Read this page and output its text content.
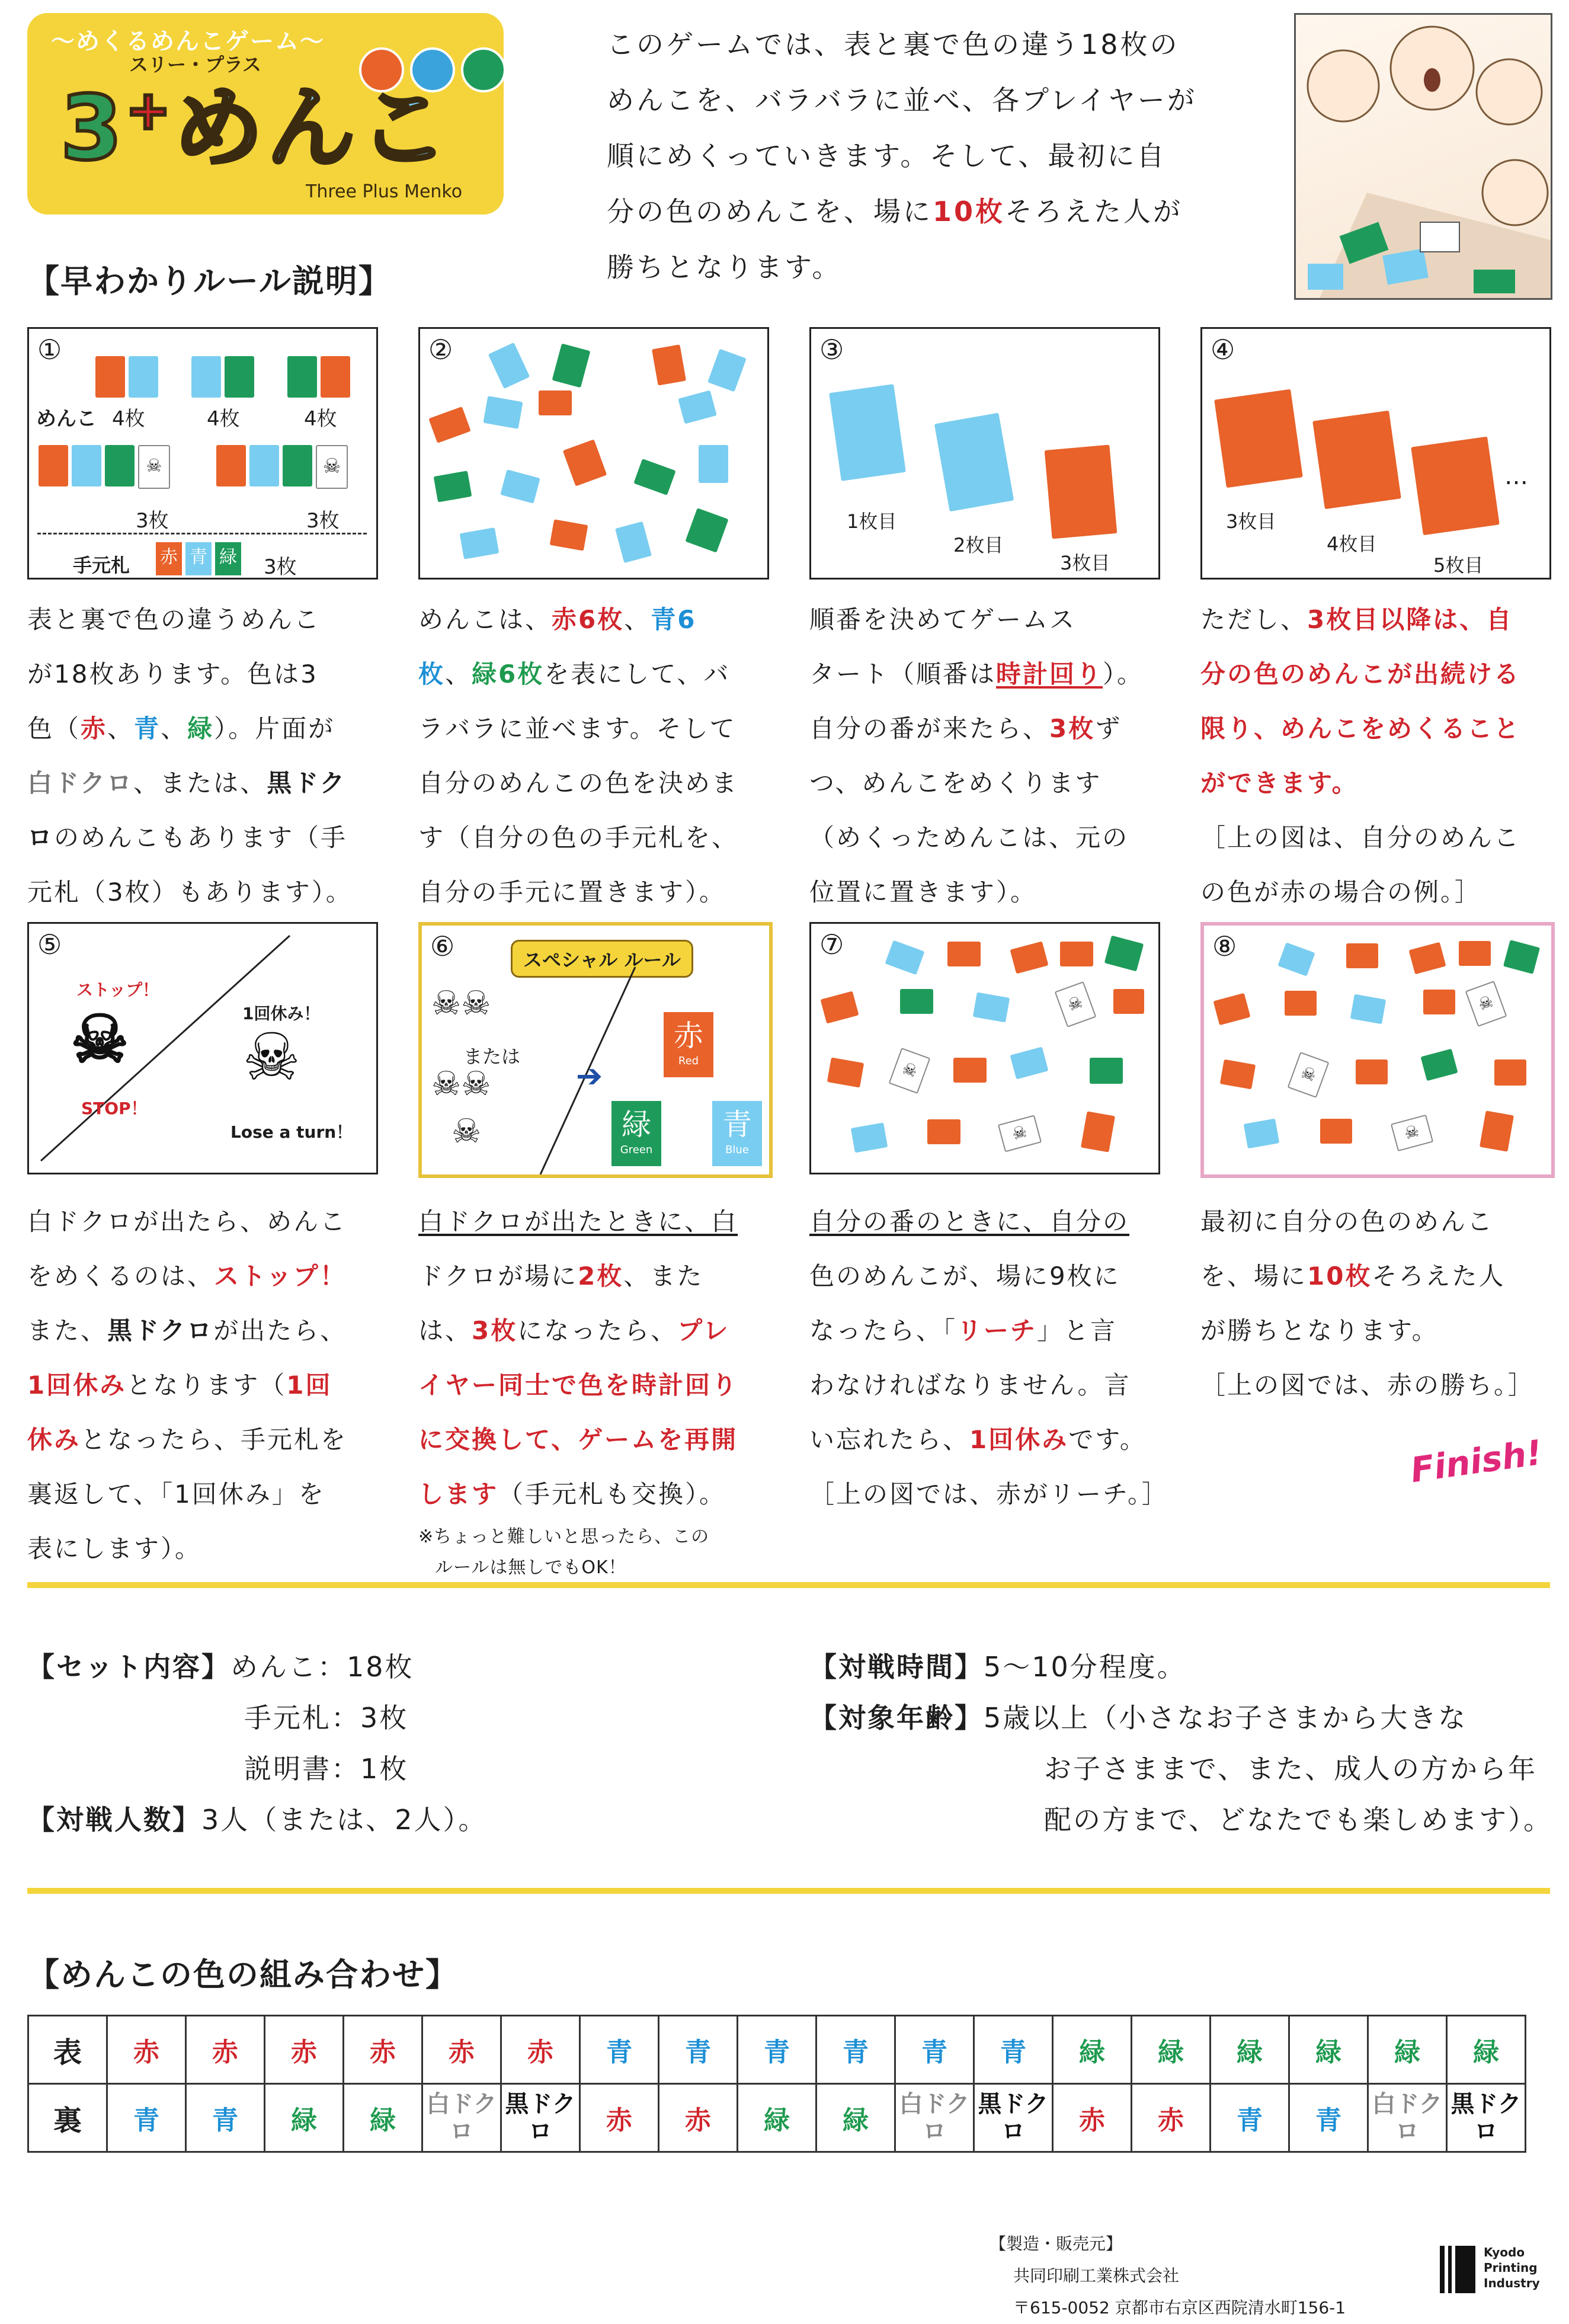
～めくるめんこゲーム～
スリー・プラス
3+めんこ
Three Plus Menko
このゲームでは、表と裏で色の違う18枚の
めんこを、バラバラに並べ、各プレイヤーが
順にめくっていきます。そして、最初に自
分の色のめんこを、場に10枚そろえた人が
勝ちとなります。
【早わかりルール説明】
①
めんこ 4枚	4枚	4枚
☠	☠
3枚	3枚
手元札 赤 青 緑 3枚
②	③
1枚目
2枚目
3枚目
④
…
3枚目
4枚目
5枚目
表と裏で色の違うめんこ
が18枚あります。色は3
色（赤、青、緑）。片面が
白ドクロ、または、黒ドク
ロのめんこもあります（手
元札（3枚）もあります）。
めんこは、赤6枚、青6
枚、緑6枚を表にして、バ
ラバラに並べます。そして
自分のめんこの色を決めま
す（自分の色の手元札を、
自分の手元に置きます）。
順番を決めてゲームス
タート（順番は時計回り）。
自分の番が来たら、3枚ず
つ、めんこをめくります
（めくっためんこは、元の
位置に置きます）。
ただし、3枚目以降は、自
分の色のめんこが出続ける
限り、めんこをめくること
ができます。
［上の図は、自分のめんこ
の色が赤の場合の例。］
⑤
ストップ！
☠
STOP！
1回休み！
☠
Lose a turn！
⑥	スペシャル ルール
☠☠
または
☠☠
☠
➔
赤
Red
緑
Green
青
Blue
⑦
☠
☠
☠
⑧
☠
☠
☠
白ドクロが出たら、めんこ
をめくるのは、ストップ！
また、黒ドクロが出たら、
1回休みとなります（1回
休みとなったら、手元札を
裏返して、「1回休み」を
表にします）。
白ドクロが出たときに、白
ドクロが場に2枚、また
は、3枚になったら、プレ
イヤー同士で色を時計回り
に交換して、ゲームを再開
します（手元札も交換）。
※ちょっと難しいと思ったら、この
ルールは無しでもOK！
自分の番のときに、自分の
色のめんこが、場に9枚に
なったら、「リーチ」と言
わなければなりません。言
い忘れたら、1回休みです。
［上の図では、赤がリーチ。］
最初に自分の色のめんこ
を、場に10枚そろえた人
が勝ちとなります。
［上の図では、赤の勝ち。］
Finish!
【セット内容】めんこ：18枚
手元札：3枚
説明書：1枚
【対戦人数】3人（または、2人）。
【対戦時間】5～10分程度。
【対象年齢】5歳以上（小さなお子さまから大きな
お子さままで、また、成人の方から年
配の方まで、どなたでも楽しめます）。
【めんこの色の組み合わせ】
表	赤	赤	赤	赤	赤	赤	青	青	青	青	青	青	緑	緑	緑	緑	緑	緑
裏	青	青	緑	緑	白ドクロ	黒ドクロ	赤	赤	緑	緑	白ドクロ	黒ドクロ	赤	赤	青	青	白ドクロ	黒ドクロ
【製造・販売元】
共同印刷工業株式会社
〒615-0052 京都市右京区西院清水町156-1
Kyodo
Printing
Industry
